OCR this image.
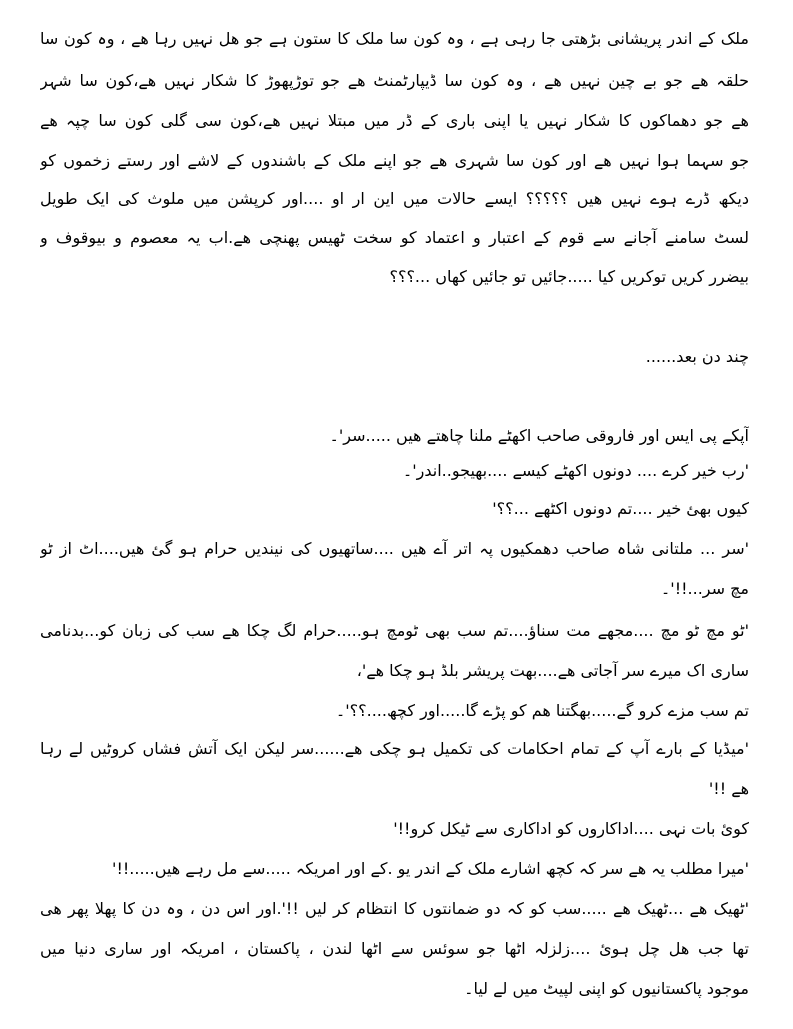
ملک کے اندر پریشانی بڑھتی جا رہی ہے ، وہ کون سا ملک کا ستون ہے جو ھل نہیں رہا ھے ، وہ کون سا
حلقہ ھے جو بے چین نہیں ھے ، وہ کون سا ڈیپارٹمنٹ ھے جو توڑپھوڑ کا شکار نہیں ھے،کون سا شہر
ھے جو دھماکوں کا شکار نہیں یا اپنی باری کے ڈر میں مبتلا نہیں ھے،کون سی گلی کون سا چپہ ھے
جو سہما ہوا نہیں ھے اور کون سا شہری ھے جو اپنے ملک کے باشندوں کے لاشے اور رستے زخموں کو
دیکھ ڈرے ہوے نہیں ھیں ؟؟؟؟؟ ایسے حالات میں این ار او ....اور کرپشن میں ملوث کی ایک طویل
لسٹ سامنے آجانے سے قوم کے اعتبار و اعتماد کو سخت ٹھیس پھنچی ھے.اب یہ معصوم و بیوقوف و
بیضرر کریں توکریں کیا .....جائیں تو جائیں کھاں ...؟؟؟
چند دن بعد......
آپکے پی ایس اور فاروقی صاحب اکھٹے ملنا چاھتے ھیں .....سر'۔
'رب خیر کرے .... دونوں اکھٹے کیسے ....بھیجو..اندر'۔
کیوں بھئ خیر ....تم دونوں اکٹھے ...؟؟'
'سر ... ملتانی شاہ صاحب دھمکیوں پہ اتر آے ھیں ....ساتھیوں کی نیندیں حرام ہو گئ ھیں....اٹ از ٹو
مچ سر...!!'۔
'ٹو مچ ٹو مچ ....مجھے مت سناؤ....تم سب بھی ٹومچ ہو.....حرام لگ چکا ھے سب کی زبان کو...بدنامی
ساری اک میرے سر آجاتی ھے....بھت پریشر بلڈ ہو چکا ھے'،
تم سب مزے کرو گے.....بھگتنا ھم کو پڑے گا.....اور کچھ....؟؟'۔
'میڈیا کے بارے آپ کے تمام احکامات کی تکمیل ہو چکی ھے......سر لیکن ایک آتش فشاں کروٹیں لے رہا
ھے !!'
کوئ بات نہی ....اداکاروں کو اداکاری سے ٹیکل کرو!!'
'میرا مطلب یہ ھے سر کہ کچھ اشارے ملک کے اندر یو .کے اور امریکہ .....سے مل رہے ھیں.....!!'
'ٹھیک ھے ...ٹھیک ھے .....سب کو کہ دو ضمانتوں کا انتظام کر لیں !!'.اور اس دن ، وہ دن کا پھلا پھر ھی
تھا جب ھل چل ہوئ ....زلزلہ اٹھا جو سوئس سے اٹھا لندن ، پاکستان ، امریکہ اور ساری دنیا میں
موجود پاکستانیوں کو اپنی لپیٹ میں لے لیا۔
